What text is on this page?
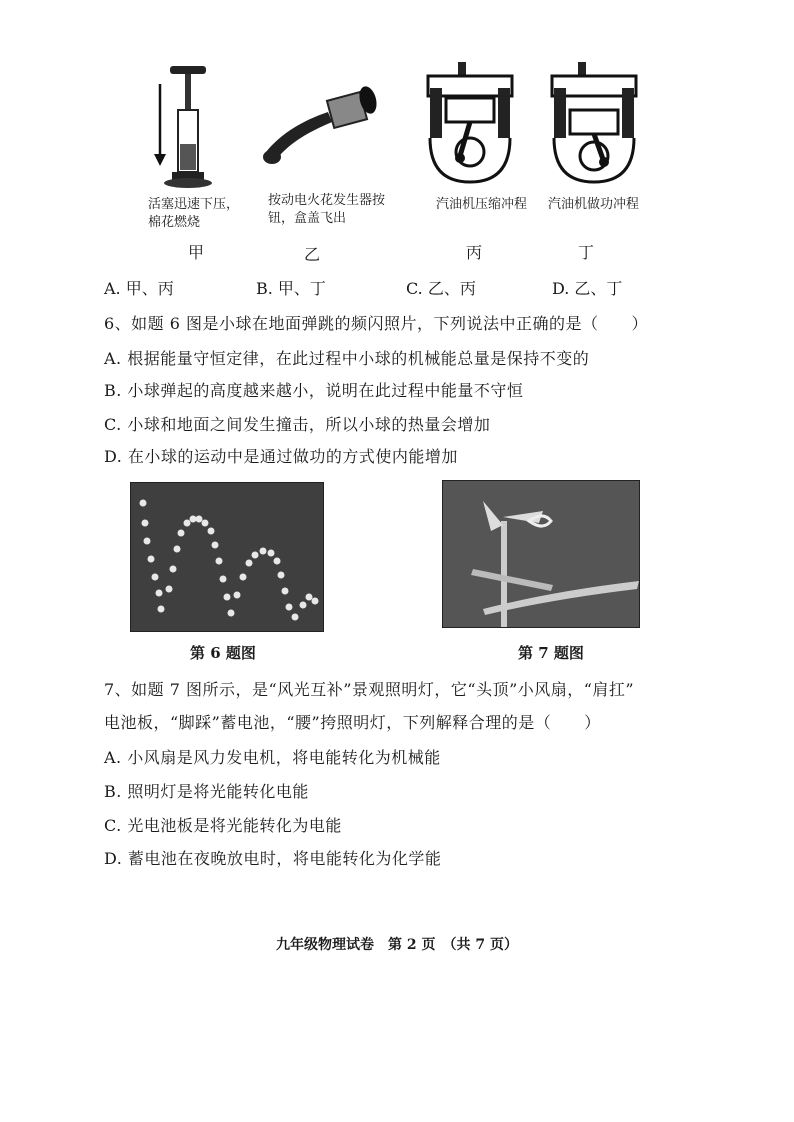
活塞迅速下压，
棉花燃烧
甲
按动电火花发生器按
钮，盒盖飞出
乙
汽油机压缩冲程
丙
汽油机做功冲程
丁
A. 甲、丙	B. 甲、丁	C. 乙、丙	D. 乙、丁
6、如题 6 图是小球在地面弹跳的频闪照片，下列说法中正确的是（　　）
A. 根据能量守恒定律，在此过程中小球的机械能总量是保持不变的
B. 小球弹起的高度越来越小，说明在此过程中能量不守恒
C. 小球和地面之间发生撞击，所以小球的热量会增加
D. 在小球的运动中是通过做功的方式使内能增加
第 6 题图	第 7 题图
7、如题 7 图所示，是“风光互补”景观照明灯，它“头顶”小风扇，“肩扛”
电池板，“脚踩”蓄电池，“腰”挎照明灯，下列解释合理的是（　　）
A. 小风扇是风力发电机，将电能转化为机械能
B. 照明灯是将光能转化电能
C. 光电池板是将光能转化为电能
D. 蓄电池在夜晚放电时，将电能转化为化学能
九年级物理试卷　第 2 页　（共 7 页）
